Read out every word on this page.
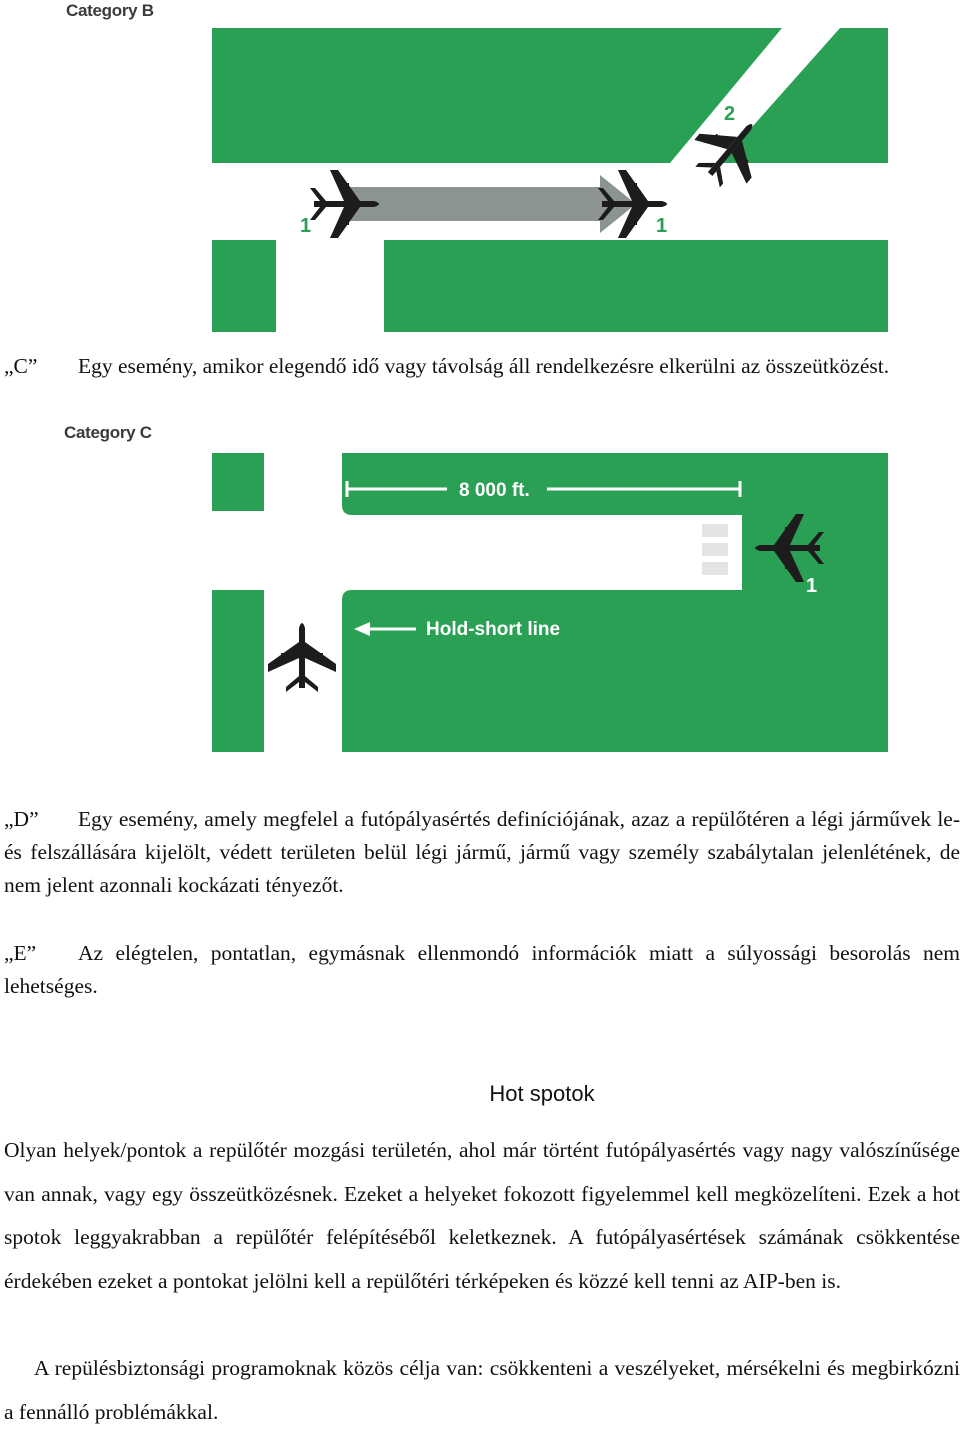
Category B
1	1
2
„C” Egy esemény, amikor elegendő idő vagy távolság áll rendelkezésre elkerülni az összeütközést.
Category C
8 000 ft.
Hold-short line
1
2
„D” Egy esemény, amely megfelel a futópályasértés definíciójának, azaz a repülőtéren a légi járművek le- és felszállására kijelölt, védett területen belül légi jármű, jármű vagy személy szabálytalan jelenlétének, de nem jelent azonnali kockázati tényezőt.
„E” Az elégtelen, pontatlan, egymásnak ellenmondó információk miatt a súlyossági besorolás nem lehetséges.
Hot spotok
Olyan helyek/pontok a repülőtér mozgási területén, ahol már történt futópályasértés vagy nagy valószínűsége van annak, vagy egy összeütközésnek. Ezeket a helyeket fokozott figyelemmel kell megközelíteni. Ezek a hot spotok leggyakrabban a repülőtér felépítéséből keletkeznek. A futópályasértések számának csökkentése érdekében ezeket a pontokat jelölni kell a repülőtéri térképeken és közzé kell tenni az AIP-ben is.
A repülésbiztonsági programoknak közös célja van: csökkenteni a veszélyeket, mérsékelni és megbirkózni a fennálló problémákkal.
